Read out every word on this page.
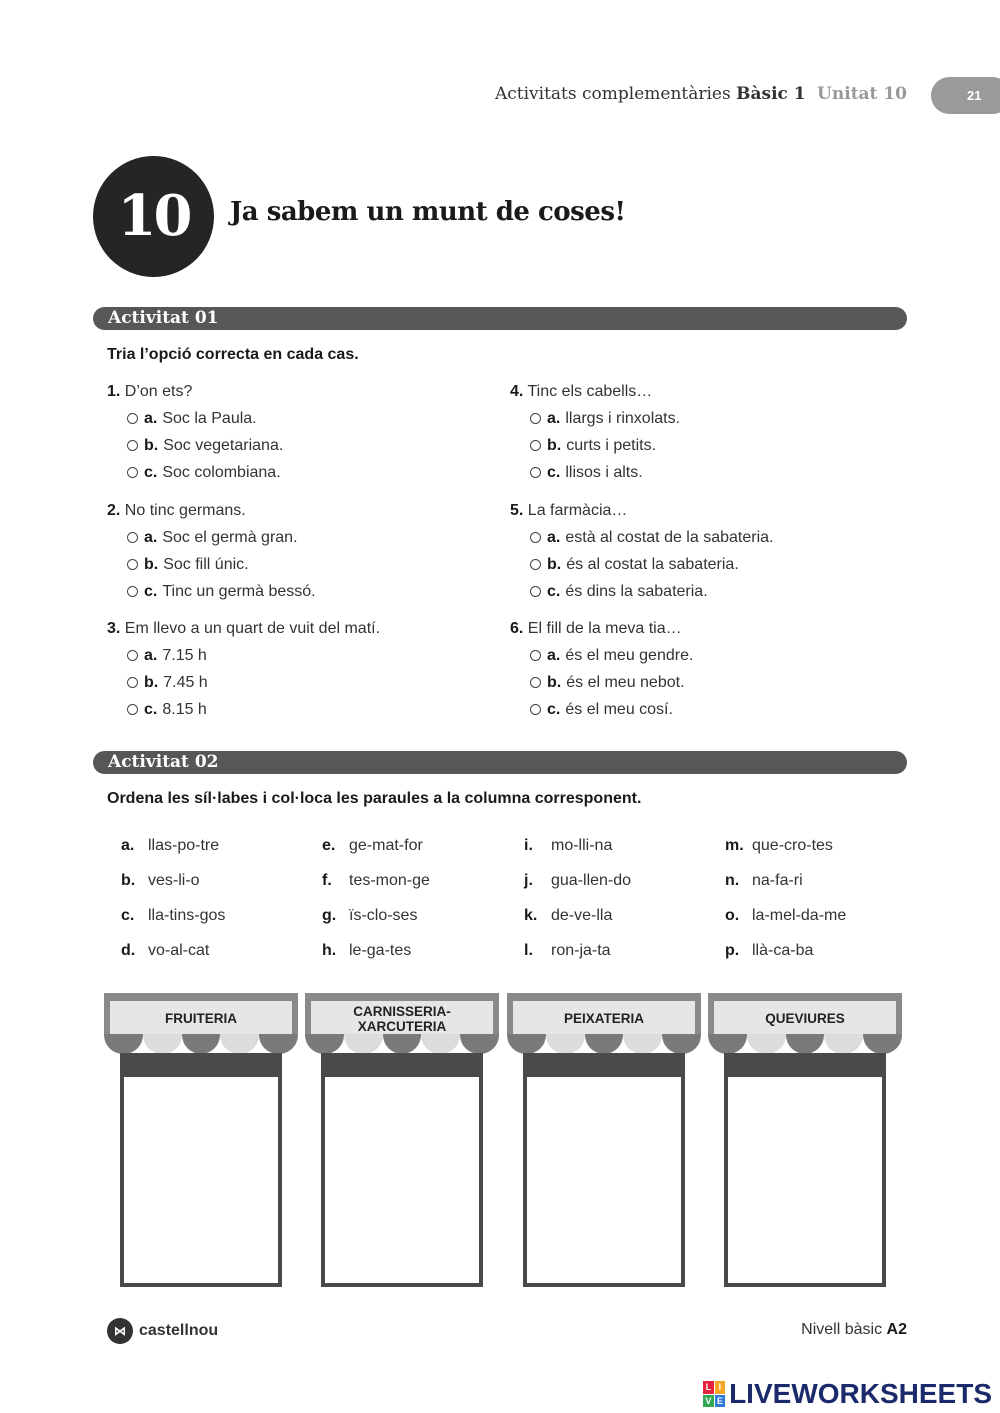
Activitats complementàries Bàsic 1 Unitat 10	21
10	Ja sabem un munt de coses!
Activitat 01
Tria l’opció correcta en cada cas.
1. D’on ets?
a. Soc la Paula.
b. Soc vegetariana.
c. Soc colombiana.
2. No tinc germans.
a. Soc el germà gran.
b. Soc fill únic.
c. Tinc un germà bessó.
3. Em llevo a un quart de vuit del matí.
a. 7.15 h
b. 7.45 h
c. 8.15 h
4. Tinc els cabells…
a. llargs i rinxolats.
b. curts i petits.
c. llisos i alts.
5. La farmàcia…
a. està al costat de la sabateria.
b. és al costat la sabateria.
c. és dins la sabateria.
6. El fill de la meva tia…
a. és el meu gendre.
b. és el meu nebot.
c. és el meu cosí.
Activitat 02
Ordena les síl·labes i col·loca les paraules a la columna corresponent.
a. llas-po-tre
b. ves-li-o
c. lla-tins-gos
d. vo-al-cat
e. ge-mat-for
f. tes-mon-ge
g. ïs-clo-ses
h. le-ga-tes
i. mo-lli-na
j. gua-llen-do
k. de-ve-lla
l. ron-ja-ta
m. que-cro-tes
n. na-fa-ri
o. la-mel-da-me
p. llà-ca-ba
FRUITERIA	CARNISSERIA-XARCUTERIA	PEIXATERIA	QUEVIURES
⋈ castellnou	Nivell bàsic A2
L I
V E LIVEWORKSHEETS
